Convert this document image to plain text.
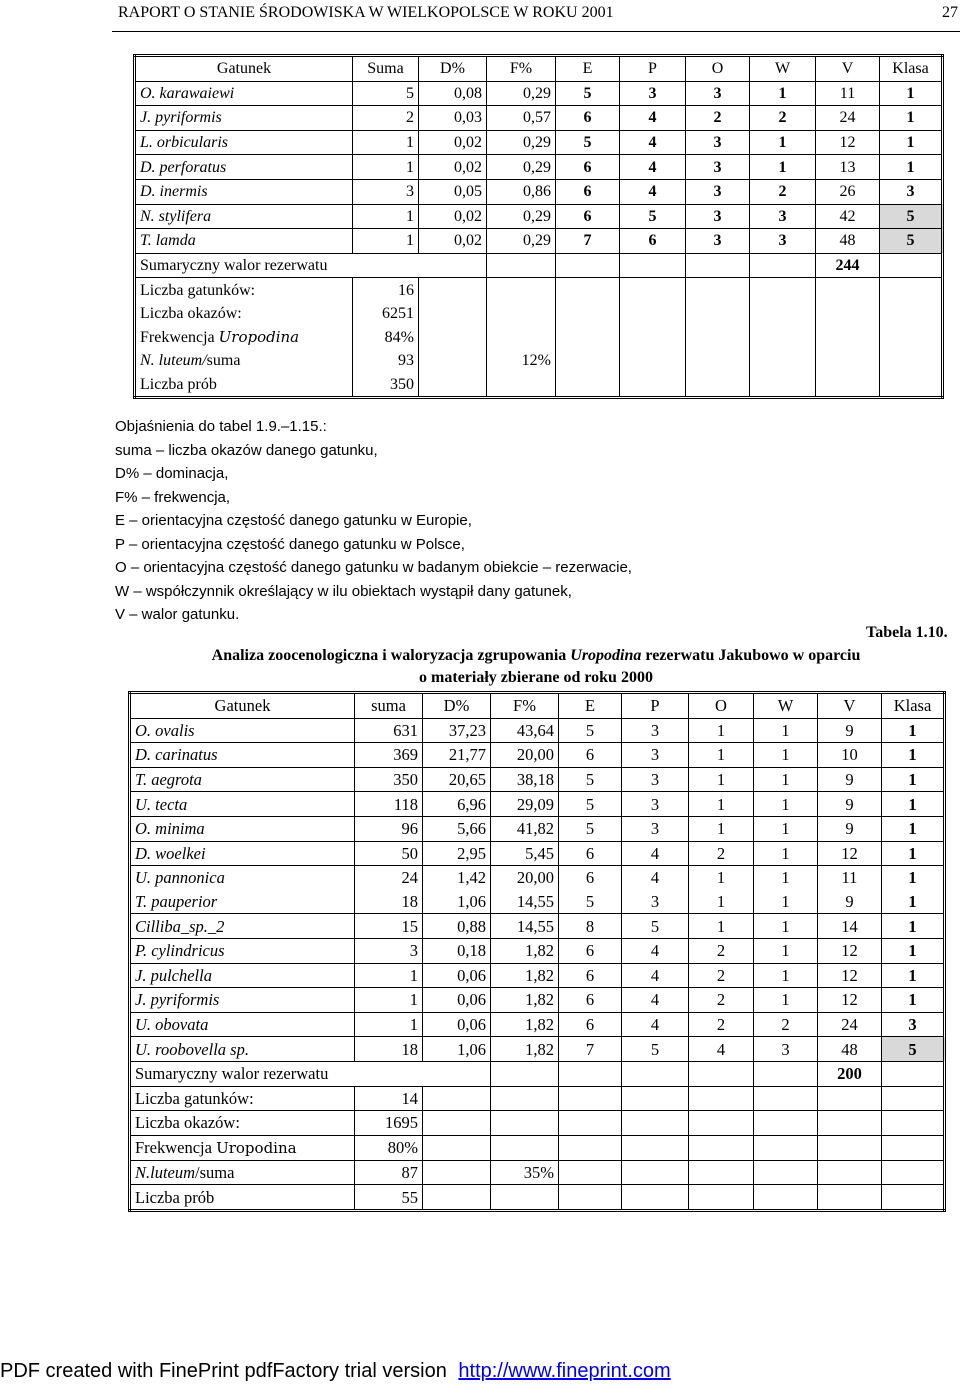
RAPORT O STANIE ŚRODOWISKA W WIELKOPOLSCE W ROKU 2001	27
Gatunek	Suma	D%	F%	E	P	O	W	V	Klasa
O. karawaiewi	5	0,08	0,29	5	3	3	1	11	1
J. pyriformis	2	0,03	0,57	6	4	2	2	24	1
L. orbicularis	1	0,02	0,29	5	4	3	1	12	1
D. perforatus	1	0,02	0,29	6	4	3	1	13	1
D. inermis	3	0,05	0,86	6	4	3	2	26	3
N. stylifera	1	0,02	0,29	6	5	3	3	42	5
T. lamda	1	0,02	0,29	7	6	3	3	48	5
Sumaryczny walor rezerwatu								244	
Liczba gatunków:	16								
Liczba okazów:	6251								
Frekwencja Uropodina	84%								
N. luteum/suma	93		12%						
Liczba prób	350								
Objaśnienia do tabel 1.9.–1.15.:
suma – liczba okazów danego gatunku,
D% – dominacja,
F% – frekwencja,
E – orientacyjna częstość danego gatunku w Europie,
P – orientacyjna częstość danego gatunku w Polsce,
O – orientacyjna częstość danego gatunku w badanym obiekcie – rezerwacie,
W – współczynnik określający w ilu obiektach wystąpił dany gatunek,
V – walor gatunku.
Tabela 1.10.
Analiza zoocenologiczna i waloryzacja zgrupowania Uropodina rezerwatu Jakubowo w oparciu
o materiały zbierane od roku 2000
Gatunek	suma	D%	F%	E	P	O	W	V	Klasa
O. ovalis	631	37,23	43,64	5	3	1	1	9	1
D. carinatus	369	21,77	20,00	6	3	1	1	10	1
T. aegrota	350	20,65	38,18	5	3	1	1	9	1
U. tecta	118	6,96	29,09	5	3	1	1	9	1
O. minima	96	5,66	41,82	5	3	1	1	9	1
D. woelkei	50	2,95	5,45	6	4	2	1	12	1
U. pannonica	24	1,42	20,00	6	4	1	1	11	1
T. pauperior	18	1,06	14,55	5	3	1	1	9	1
Cilliba_sp._2	15	0,88	14,55	8	5	1	1	14	1
P. cylindricus	3	0,18	1,82	6	4	2	1	12	1
J. pulchella	1	0,06	1,82	6	4	2	1	12	1
J. pyriformis	1	0,06	1,82	6	4	2	1	12	1
U. obovata	1	0,06	1,82	6	4	2	2	24	3
U. roobovella sp.	18	1,06	1,82	7	5	4	3	48	5
Sumaryczny walor rezerwatu								200	
Liczba gatunków:	14								
Liczba okazów:	1695								
Frekwencja Uropodina	80%								
N.luteum/suma	87		35%						
Liczba prób	55								
PDF created with FinePrint pdfFactory trial version http://www.fineprint.com
